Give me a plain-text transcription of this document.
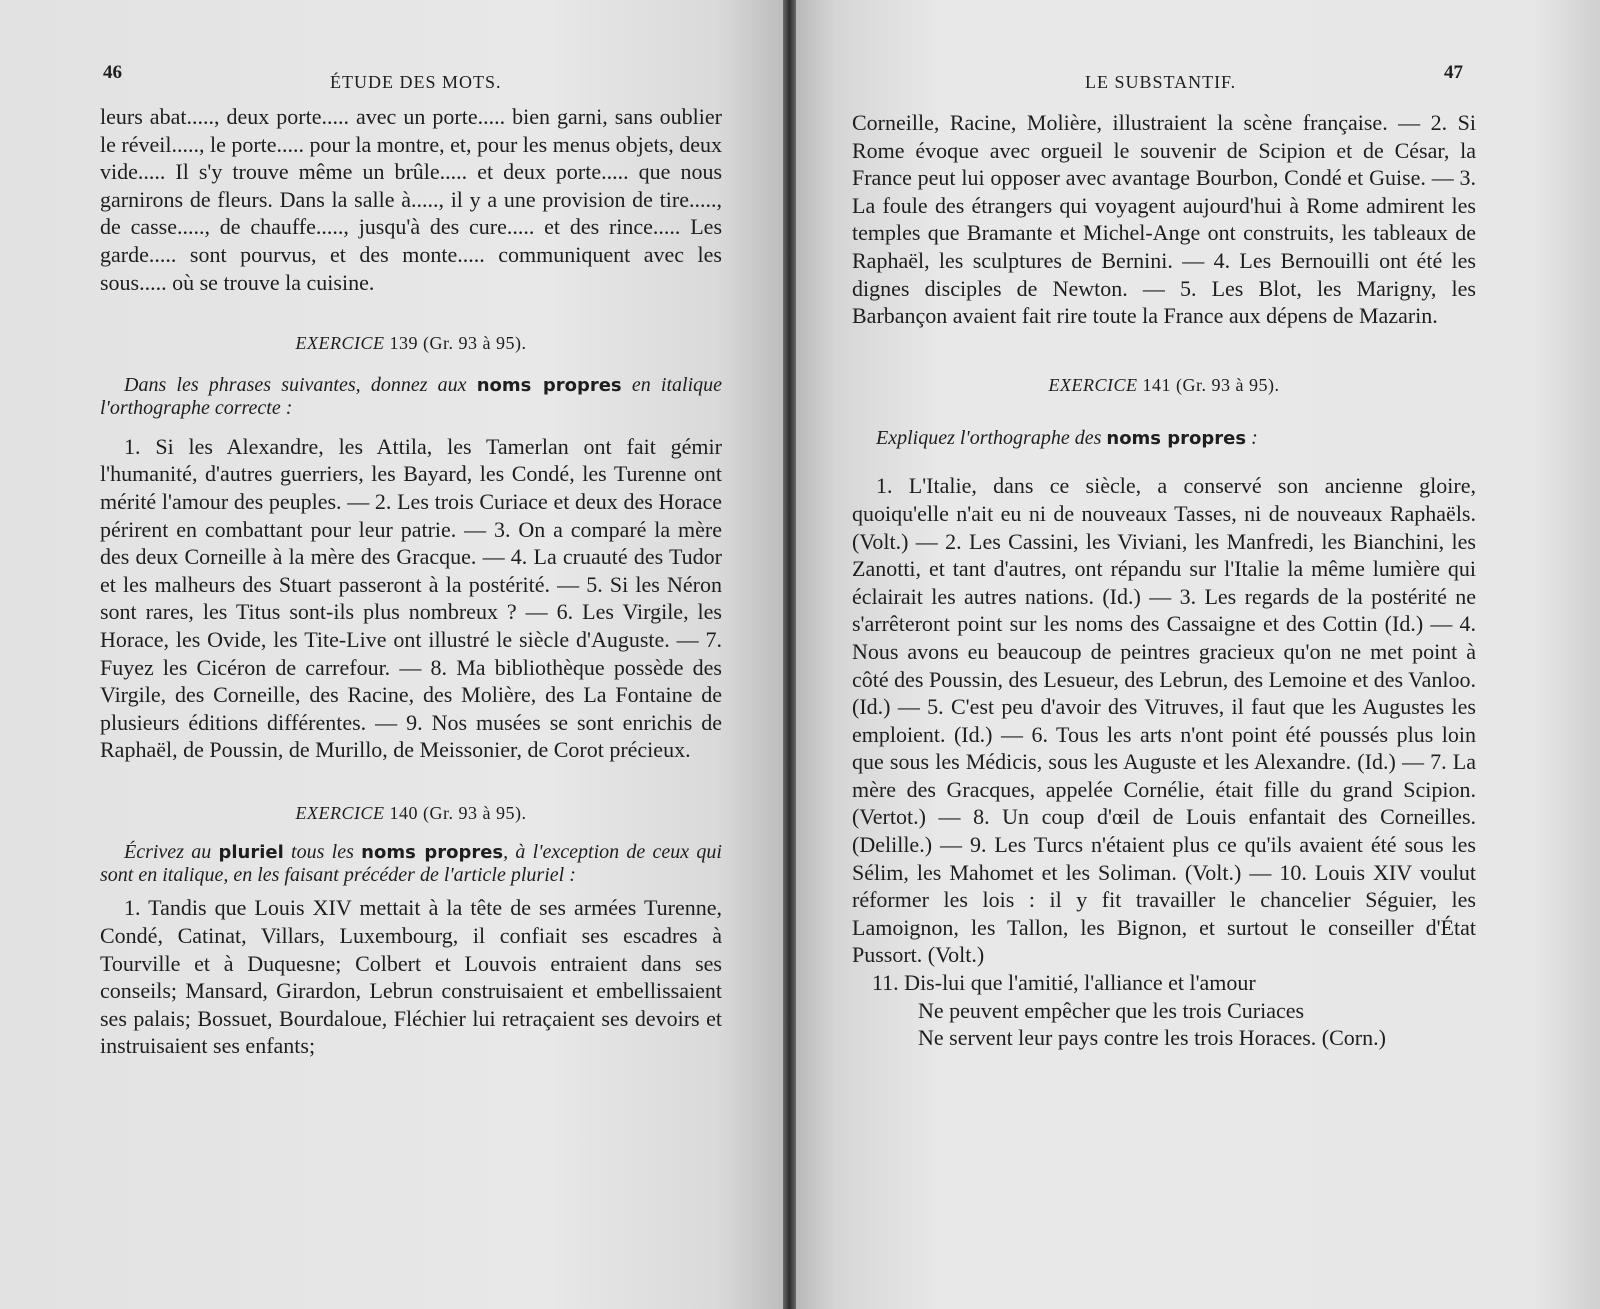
46	ÉTUDE DES MOTS.

leurs abat....., deux porte..... avec un porte..... bien garni, sans oublier le réveil....., le porte..... pour la montre, et, pour les menus objets, deux vide..... Il s'y trouve même un brûle..... et deux porte..... que nous garnirons de fleurs. Dans la salle à....., il y a une provision de tire....., de casse....., de chauffe....., jusqu'à des cure..... et des rince..... Les garde..... sont pourvus, et des monte..... communiquent avec les sous..... où se trouve la cuisine.

EXERCICE 139 (Gr. 93 à 95).

Dans les phrases suivantes, donnez aux noms propres en italique l'orthographe correcte :

1. Si les Alexandre, les Attila, les Tamerlan ont fait gémir l'humanité, d'autres guerriers, les Bayard, les Condé, les Turenne ont mérité l'amour des peuples. — 2. Les trois Curiace et deux des Horace périrent en combattant pour leur patrie. — 3. On a comparé la mère des deux Corneille à la mère des Gracque. — 4. La cruauté des Tudor et les malheurs des Stuart passeront à la postérité. — 5. Si les Néron sont rares, les Titus sont-ils plus nombreux ? — 6. Les Virgile, les Horace, les Ovide, les Tite-Live ont illustré le siècle d'Auguste. — 7. Fuyez les Cicéron de carrefour. — 8. Ma bibliothèque possède des Virgile, des Corneille, des Racine, des Molière, des La Fontaine de plusieurs éditions différentes. — 9. Nos musées se sont enrichis de Raphaël, de Poussin, de Murillo, de Meissonier, de Corot précieux.

EXERCICE 140 (Gr. 93 à 95).

Écrivez au pluriel tous les noms propres, à l'exception de ceux qui sont en italique, en les faisant précéder de l'article pluriel :

1. Tandis que Louis XIV mettait à la tête de ses armées Turenne, Condé, Catinat, Villars, Luxembourg, il confiait ses escadres à Tourville et à Duquesne; Colbert et Louvois entraient dans ses conseils; Mansard, Girardon, Lebrun construisaient et embellissaient ses palais; Bossuet, Bourdaloue, Fléchier lui retraçaient ses devoirs et instruisaient ses enfants;

LE SUBSTANTIF.	47

Corneille, Racine, Molière, illustraient la scène française. — 2. Si Rome évoque avec orgueil le souvenir de Scipion et de César, la France peut lui opposer avec avantage Bourbon, Condé et Guise. — 3. La foule des étrangers qui voyagent aujourd'hui à Rome admirent les temples que Bramante et Michel-Ange ont construits, les tableaux de Raphaël, les sculptures de Bernini. — 4. Les Bernouilli ont été les dignes disciples de Newton. — 5. Les Blot, les Marigny, les Barbançon avaient fait rire toute la France aux dépens de Mazarin.

EXERCICE 141 (Gr. 93 à 95).

Expliquez l'orthographe des noms propres :

1. L'Italie, dans ce siècle, a conservé son ancienne gloire, quoiqu'elle n'ait eu ni de nouveaux Tasses, ni de nouveaux Raphaëls. (Volt.) — 2. Les Cassini, les Viviani, les Manfredi, les Bianchini, les Zanotti, et tant d'autres, ont répandu sur l'Italie la même lumière qui éclairait les autres nations. (Id.) — 3. Les regards de la postérité ne s'arrêteront point sur les noms des Cassaigne et des Cottin (Id.) — 4. Nous avons eu beaucoup de peintres gracieux qu'on ne met point à côté des Poussin, des Lesueur, des Lebrun, des Lemoine et des Vanloo. (Id.) — 5. C'est peu d'avoir des Vitruves, il faut que les Augustes les emploient. (Id.) — 6. Tous les arts n'ont point été poussés plus loin que sous les Médicis, sous les Auguste et les Alexandre. (Id.) — 7. La mère des Gracques, appelée Cornélie, était fille du grand Scipion. (Vertot.) — 8. Un coup d'œil de Louis enfantait des Corneilles. (Delille.) — 9. Les Turcs n'étaient plus ce qu'ils avaient été sous les Sélim, les Mahomet et les Soliman. (Volt.) — 10. Louis XIV voulut réformer les lois : il y fit travailler le chancelier Séguier, les Lamoignon, les Tallon, les Bignon, et surtout le conseiller d'État Pussort. (Volt.)

11. Dis-lui que l'amitié, l'alliance et l'amour
Ne peuvent empêcher que les trois Curiaces
Ne servent leur pays contre les trois Horaces. (Corn.)
